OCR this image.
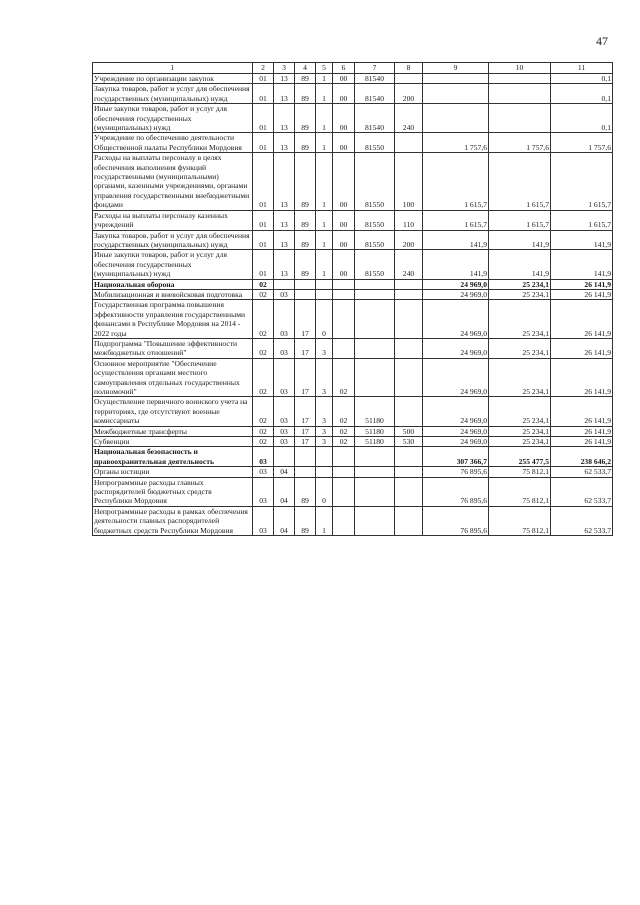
47
1	2	3	4	5	6	7	8	9	10	11
Учреждение по организации закупок	01	13	89	1	00	81540				0,1
Закупка товаров, работ и услуг для обеспечения государственных (муниципальных) нужд	01	13	89	1	00	81540	200			0,1
Иные закупки товаров, работ и услуг для обеспечения государственных (муниципальных) нужд	01	13	89	1	00	81540	240			0,1
Учреждение по обеспечению деятельности Общественной палаты Республики Мордовия	01	13	89	1	00	81550		1 757,6	1 757,6	1 757,6
Расходы на выплаты персоналу в целях обеспечения выполнения функций государственными (муниципальными) органами, казенными учреждениями, органами управления государственными внебюджетными фондами	01	13	89	1	00	81550	100	1 615,7	1 615,7	1 615,7
Расходы на выплаты персоналу казенных учреждений	01	13	89	1	00	81550	110	1 615,7	1 615,7	1 615,7
Закупка товаров, работ и услуг для обеспечения государственных (муниципальных) нужд	01	13	89	1	00	81550	200	141,9	141,9	141,9
Иные закупки товаров, работ и услуг для обеспечения государственных (муниципальных) нужд	01	13	89	1	00	81550	240	141,9	141,9	141,9
Национальная оборона	02							24 969,0	25 234,1	26 141,9
Мобилизационная и вневойсковая подготовка	02	03						24 969,0	25 234,1	26 141,9
Государственная программа повышения эффективности управления государственными финансами в Республике Мордовия на 2014 - 2022 годы	02	03	17	0				24 969,0	25 234,1	26 141,9
Подпрограмма "Повышение эффективности межбюджетных отношений"	02	03	17	3				24 969,0	25 234,1	26 141,9
Основное мероприятие "Обеспечение осуществления органами местного самоуправления отдельных государственных полномочий"	02	03	17	3	02			24 969,0	25 234,1	26 141,9
Осуществление первичного воинского учета на территориях, где отсутствуют военные комиссариаты	02	03	17	3	02	51180		24 969,0	25 234,1	26 141,9
Межбюджетные трансферты	02	03	17	3	02	51180	500	24 969,0	25 234,1	26 141,9
Субвенции	02	03	17	3	02	51180	530	24 969,0	25 234,1	26 141,9
Национальная безопасность и правоохранительная деятельность	03							307 366,7	255 477,5	238 646,2
Органы юстиции	03	04						76 895,6	75 812,1	62 533,7
Непрограммные расходы главных распорядителей бюджетных средств Республики Мордовия	03	04	89	0				76 895,6	75 812,1	62 533,7
Непрограммные расходы в рамках обеспечения деятельности главных распорядителей бюджетных средств Республики Мордовия	03	04	89	1				76 895,6	75 812,1	62 533,7
